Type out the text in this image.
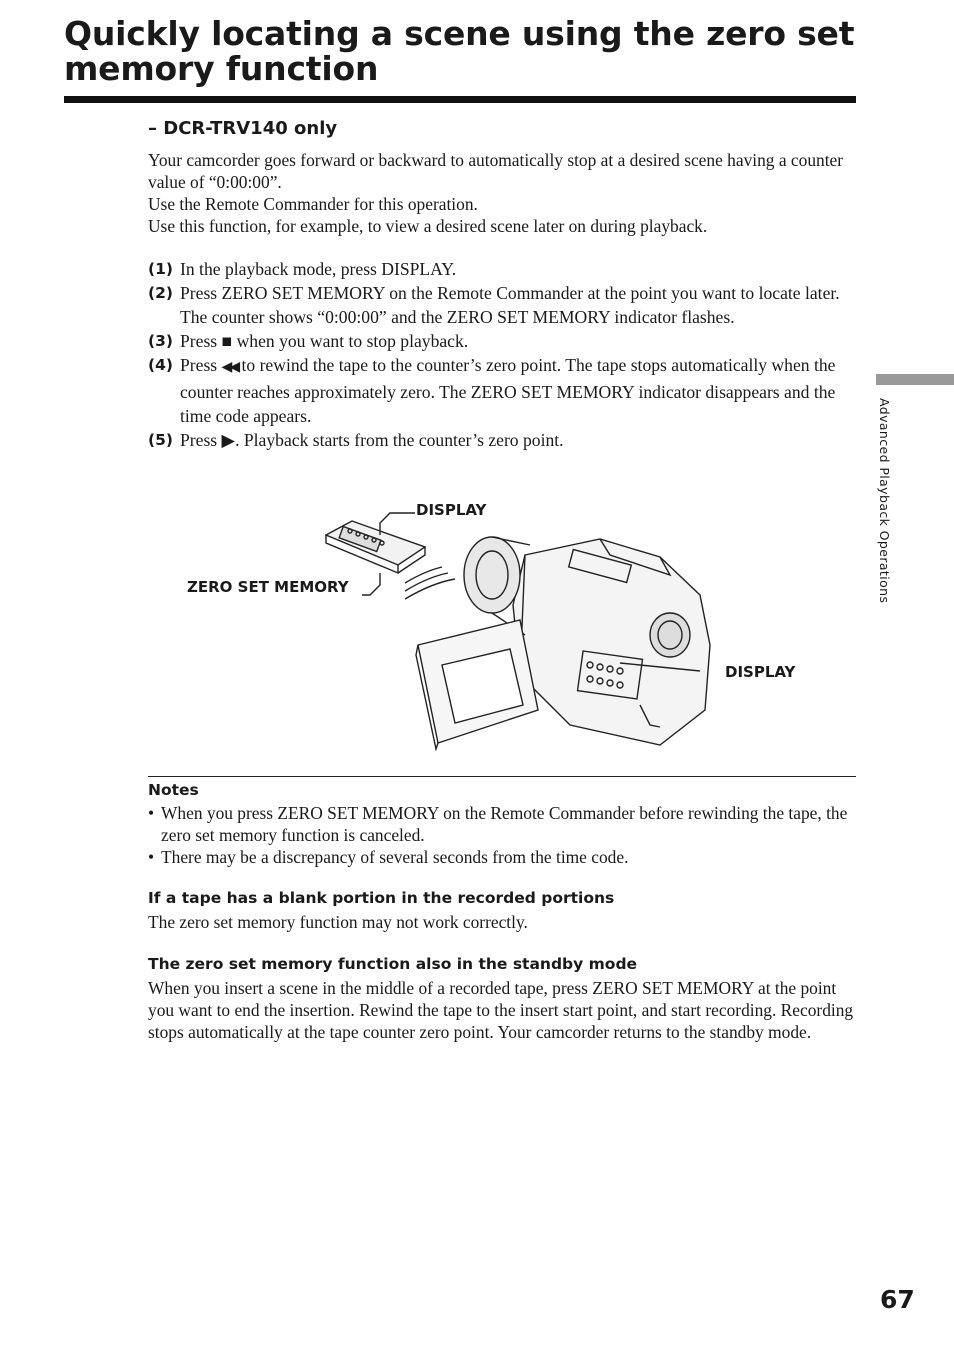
Quickly locating a scene using the zero set memory function
– DCR-TRV140 only
Your camcorder goes forward or backward to automatically stop at a desired scene having a counter value of “0:00:00”.
Use the Remote Commander for this operation.
Use this function, for example, to view a desired scene later on during playback.
(1) In the playback mode, press DISPLAY.
(2) Press ZERO SET MEMORY on the Remote Commander at the point you want to locate later. The counter shows “0:00:00” and the ZERO SET MEMORY indicator flashes.
(3) Press ■ when you want to stop playback.
(4) Press ◀◀ to rewind the tape to the counter’s zero point. The tape stops automatically when the counter reaches approximately zero. The ZERO SET MEMORY indicator disappears and the time code appears.
(5) Press ▶. Playback starts from the counter’s zero point.
DISPLAY
ZERO SET MEMORY
DISPLAY
Notes
• When you press ZERO SET MEMORY on the Remote Commander before rewinding the tape, the zero set memory function is canceled.
• There may be a discrepancy of several seconds from the time code.
If a tape has a blank portion in the recorded portions
The zero set memory function may not work correctly.
The zero set memory function also in the standby mode
When you insert a scene in the middle of a recorded tape, press ZERO SET MEMORY at the point you want to end the insertion. Rewind the tape to the insert start point, and start recording. Recording stops automatically at the tape counter zero point. Your camcorder returns to the standby mode.
Advanced Playback Operations
67
